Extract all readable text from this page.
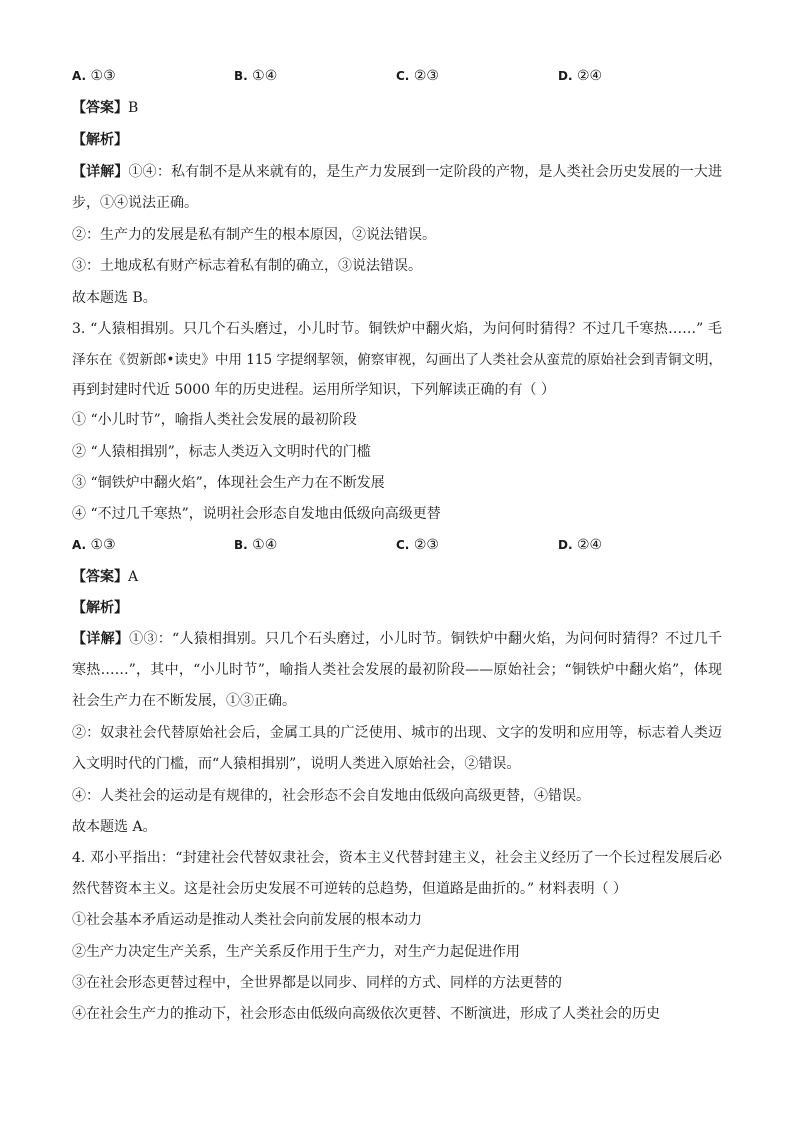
A. ①③	B. ①④	C. ②③	D. ②④
【答案】B
【解析】
【详解】①④：私有制不是从来就有的，是生产力发展到一定阶段的产物，是人类社会历史发展的一大进
步，①④说法正确。
②：生产力的发展是私有制产生的根本原因，②说法错误。
③：土地成私有财产标志着私有制的确立，③说法错误。
故本题选 B。
3. “人猿相揖别。只几个石头磨过，小儿时节。铜铁炉中翻火焰，为问何时猜得？不过几千寒热……” 毛
泽东在《贺新郎•读史》中用 115 字提纲挈领，俯察审视，勾画出了人类社会从蛮荒的原始社会到青铜文明，
再到封建时代近 5000 年的历史进程。运用所学知识，下列解读正确的有（ ）
① “小儿时节”，喻指人类社会发展的最初阶段
② “人猿相揖别”，标志人类迈入文明时代的门槛
③ “铜铁炉中翻火焰”，体现社会生产力在不断发展
④ “不过几千寒热”，说明社会形态自发地由低级向高级更替
A. ①③	B. ①④	C. ②③	D. ②④
【答案】A
【解析】
【详解】①③：“人猿相揖别。只几个石头磨过，小儿时节。铜铁炉中翻火焰，为问何时猜得？不过几千
寒热……”，其中，“小儿时节”，喻指人类社会发展的最初阶段——原始社会；“铜铁炉中翻火焰”，体现
社会生产力在不断发展，①③正确。
②：奴隶社会代替原始社会后，金属工具的广泛使用、城市的出现、文字的发明和应用等，标志着人类迈
入文明时代的门槛，而“人猿相揖别”，说明人类进入原始社会，②错误。
④：人类社会的运动是有规律的，社会形态不会自发地由低级向高级更替，④错误。
故本题选 A。
4. 邓小平指出：“封建社会代替奴隶社会，资本主义代替封建主义，社会主义经历了一个长过程发展后必
然代替资本主义。这是社会历史发展不可逆转的总趋势，但道路是曲折的。” 材料表明（ ）
①社会基本矛盾运动是推动人类社会向前发展的根本动力
②生产力决定生产关系，生产关系反作用于生产力，对生产力起促进作用
③在社会形态更替过程中，全世界都是以同步、同样的方式、同样的方法更替的
④在社会生产力的推动下，社会形态由低级向高级依次更替、不断演进，形成了人类社会的历史
